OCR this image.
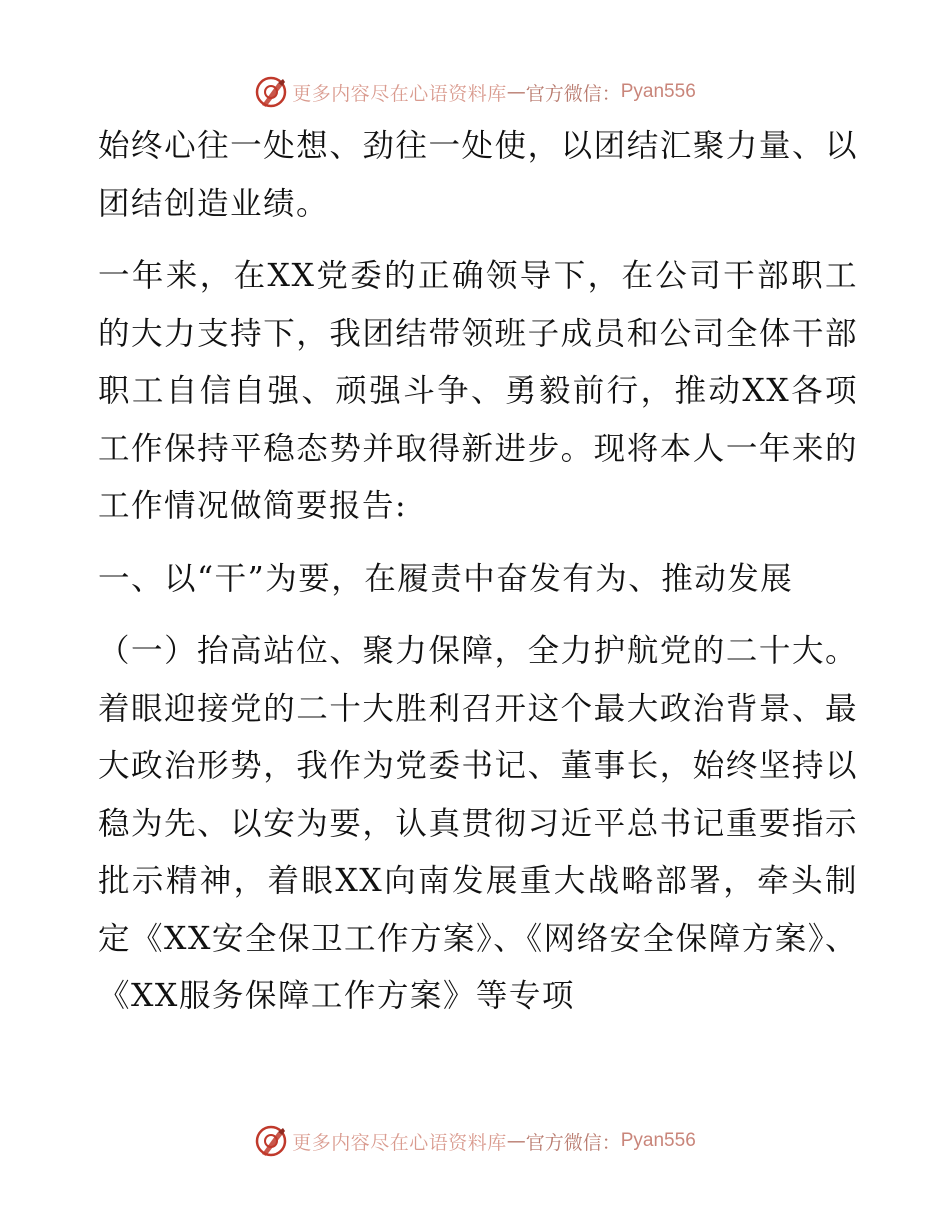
更多内容尽在心语资料库 — 官方微信： Pyan556

始终心往一处想、劲往一处使，以团结汇聚力量、以团结创造业绩。

一年来，在XX党委的正确领导下，在公司干部职工的大力支持下，我团结带领班子成员和公司全体干部职工自信自强、顽强斗争、勇毅前行，推动XX各项工作保持平稳态势并取得新进步。现将本人一年来的工作情况做简要报告:

一、以“干”为要，在履责中奋发有为、推动发展

（一）抬高站位、聚力保障，全力护航党的二十大。着眼迎接党的二十大胜利召开这个最大政治背景、最大政治形势，我作为党委书记、董事长，始终坚持以稳为先、以安为要，认真贯彻习近平总书记重要指示批示精神，着眼XX向南发展重大战略部署，牵头制定《XX安全保卫工作方案》、《网络安全保障方案》、《XX服务保障工作方案》等专项

更多内容尽在心语资料库 — 官方微信： Pyan556
